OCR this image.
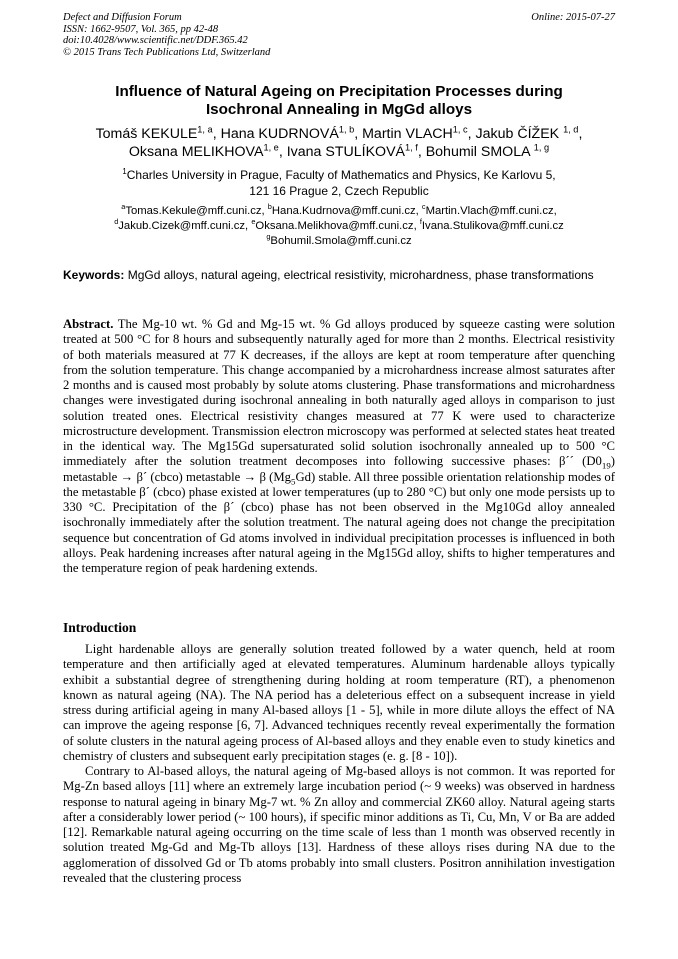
Defect and Diffusion Forum
ISSN: 1662-9507, Vol. 365, pp 42-48
doi:10.4028/www.scientific.net/DDF.365.42
© 2015 Trans Tech Publications Ltd, Switzerland
Online: 2015-07-27
Influence of Natural Ageing on Precipitation Processes during
Isochronal Annealing in MgGd alloys
Tomáš KEKULE$^{1, a}$, Hana KUDRNOVÁ$^{1, b}$, Martin VLACH$^{1, c}$, Jakub ČÍŽEK $^{1, d}$,
Oksana MELIKHOVA$^{1, e}$, Ivana STULÍKOVÁ$^{1, f}$, Bohumil SMOLA $^{1, g}$
$^1$Charles University in Prague, Faculty of Mathematics and Physics, Ke Karlovu 5,
121 16 Prague 2, Czech Republic
$^a$Tomas.Kekule@mff.cuni.cz, $^b$Hana.Kudrnova@mff.cuni.cz, $^c$Martin.Vlach@mff.cuni.cz,
$^d$Jakub.Cizek@mff.cuni.cz, $^e$Oksana.Melikhova@mff.cuni.cz, $^f$Ivana.Stulikova@mff.cuni.cz
$^g$Bohumil.Smola@mff.cuni.cz
Keywords: MgGd alloys, natural ageing, electrical resistivity, microhardness, phase transformations
Abstract. The Mg-10 wt. % Gd and Mg-15 wt. % Gd alloys produced by squeeze casting were solution treated at 500 °C for 8 hours and subsequently naturally aged for more than 2 months. Electrical resistivity of both materials measured at 77 K decreases, if the alloys are kept at room temperature after quenching from the solution temperature. This change accompanied by a microhardness increase almost saturates after 2 months and is caused most probably by solute atoms clustering. Phase transformations and microhardness changes were investigated during isochronal annealing in both naturally aged alloys in comparison to just solution treated ones. Electrical resistivity changes measured at 77 K were used to characterize microstructure development. Transmission electron microscopy was performed at selected states heat treated in the identical way. The Mg15Gd supersaturated solid solution isochronally annealed up to 500 °C immediately after the solution treatment decomposes into following successive phases: β´´ $(D0_{19})$ metastable → β´ (cbco) metastable → β $(Mg_5Gd)$ stable. All three possible orientation relationship modes of the metastable β´ (cbco) phase existed at lower temperatures (up to 280 °C) but only one mode persists up to 330 °C. Precipitation of the β´ (cbco) phase has not been observed in the Mg10Gd alloy annealed isochronally immediately after the solution treatment. The natural ageing does not change the precipitation sequence but concentration of Gd atoms involved in individual precipitation processes is influenced in both alloys. Peak hardening increases after natural ageing in the Mg15Gd alloy, shifts to higher temperatures and the temperature region of peak hardening extends.
Introduction

Light hardenable alloys are generally solution treated followed by a water quench, held at room temperature and then artificially aged at elevated temperatures. Aluminum hardenable alloys typically exhibit a substantial degree of strengthening during holding at room temperature (RT), a phenomenon known as natural ageing (NA). The NA period has a deleterious effect on a subsequent increase in yield stress during artificial ageing in many Al-based alloys [1 - 5], while in more dilute alloys the effect of NA can improve the ageing response [6, 7]. Advanced techniques recently reveal experimentally the formation of solute clusters in the natural ageing process of Al-based alloys and they enable even to study kinetics and chemistry of clusters and subsequent early precipitation stages (e. g. [8 - 10]).

Contrary to Al-based alloys, the natural ageing of Mg-based alloys is not common. It was reported for Mg-Zn based alloys [11] where an extremely large incubation period (~ 9 weeks) was observed in hardness response to natural ageing in binary Mg-7 wt. % Zn alloy and commercial ZK60 alloy. Natural ageing starts after a considerably lower period (~ 100 hours), if specific minor additions as Ti, Cu, Mn, V or Ba are added [12]. Remarkable natural ageing occurring on the time scale of less than 1 month was observed recently in solution treated Mg-Gd and Mg-Tb alloys [13]. Hardness of these alloys rises during NA due to the agglomeration of dissolved Gd or Tb atoms probably into small clusters. Positron annihilation investigation revealed that the clustering process
